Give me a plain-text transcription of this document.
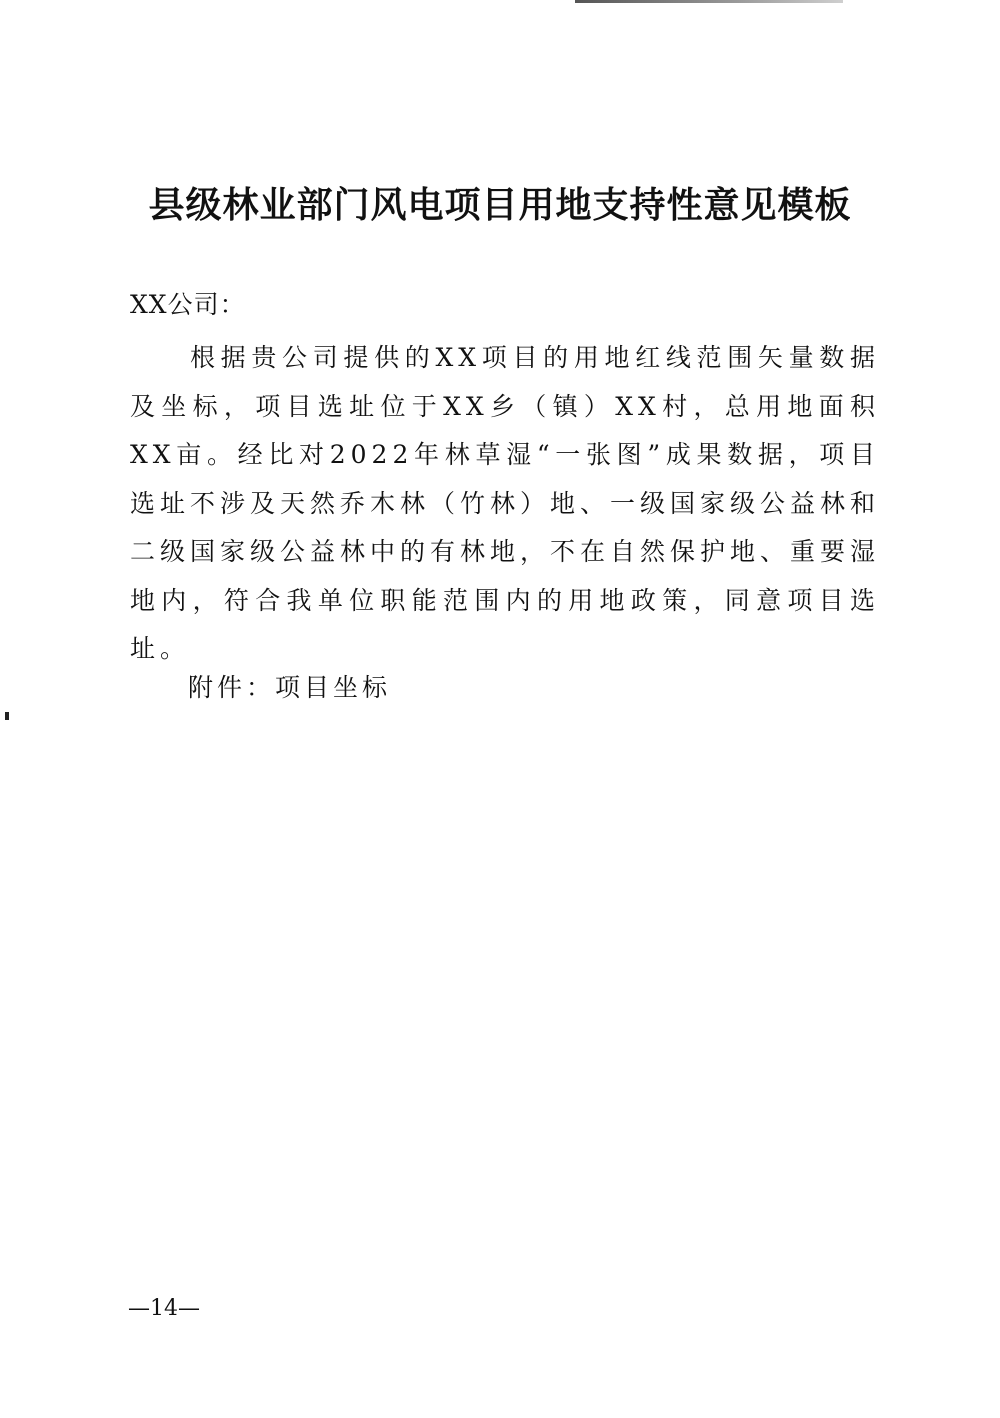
县级林业部门风电项目用地支持性意见模板

XX公司：

根据贵公司提供的XX项目的用地红线范围矢量数据及坐标，项目选址位于XX乡（镇）XX村，总用地面积XX亩。经比对2022年林草湿“一张图”成果数据，项目选址不涉及天然乔木林（竹林）地、一级国家级公益林和二级国家级公益林中的有林地，不在自然保护地、重要湿地内，符合我单位职能范围内的用地政策，同意项目选址。

附件：项目坐标

—14—
